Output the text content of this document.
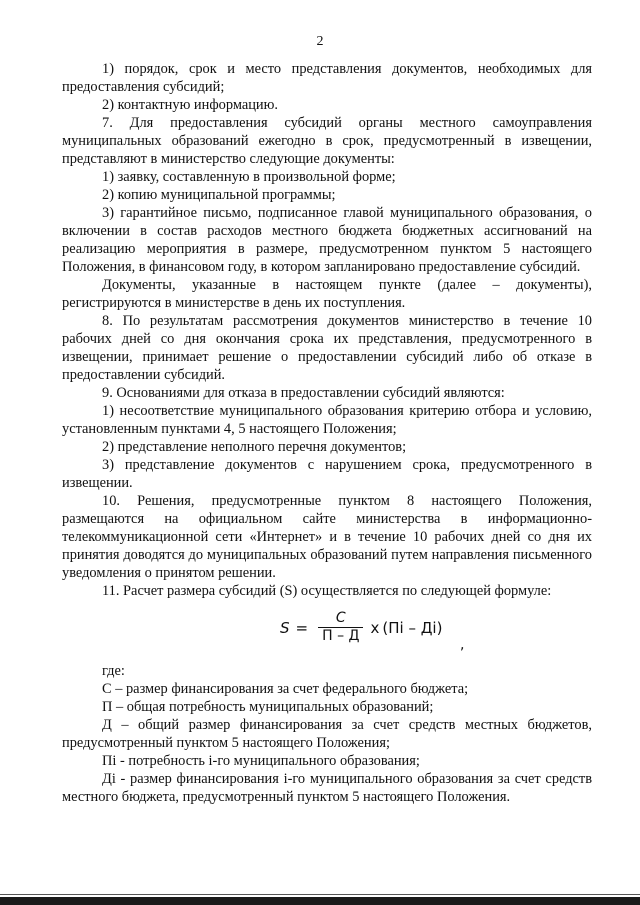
2

1) порядок, срок и место представления документов, необходимых для предоставления субсидий;

2) контактную информацию.

7. Для предоставления субсидий органы местного самоуправления муниципальных образований ежегодно в срок, предусмотренный в извещении, представляют в министерство следующие документы:

1) заявку, составленную в произвольной форме;

2) копию муниципальной программы;

3) гарантийное письмо, подписанное главой муниципального образования, о включении в состав расходов местного бюджета бюджетных ассигнований на реализацию мероприятия в размере, предусмотренном пунктом 5 настоящего Положения, в финансовом году, в котором запланировано предоставление субсидий.

Документы, указанные в настоящем пункте (далее – документы), регистрируются в министерстве в день их поступления.

8. По результатам рассмотрения документов министерство в течение 10 рабочих дней со дня окончания срока их представления, предусмотренного в извещении, принимает решение о предоставлении субсидий либо об отказе в предоставлении субсидий.

9. Основаниями для отказа в предоставлении субсидий являются:

1) несоответствие муниципального образования критерию отбора и условию, установленным пунктами 4, 5 настоящего Положения;

2) представление неполного перечня документов;

3) представление документов с нарушением срока, предусмотренного в извещении.

10. Решения, предусмотренные пунктом 8 настоящего Положения, размещаются на официальном сайте министерства в информационно-телекоммуникационной сети «Интернет» и в течение 10 рабочих дней со дня их принятия доводятся до муниципальных образований путем направления письменного уведомления о принятом решении.

11. Расчет размера субсидий (S) осуществляется по следующей формуле:

$S = \frac{C}{П - Д}$ x (Пi – Дi)
,

где:

С – размер финансирования за счет федерального бюджета;

П – общая потребность муниципальных образований;

Д – общий размер финансирования за счет средств местных бюджетов, предусмотренный пунктом 5 настоящего Положения;

Пi - потребность i-го муниципального образования;

Дi - размер финансирования i-го муниципального образования за счет средств местного бюджета, предусмотренный пунктом 5 настоящего Положения.
